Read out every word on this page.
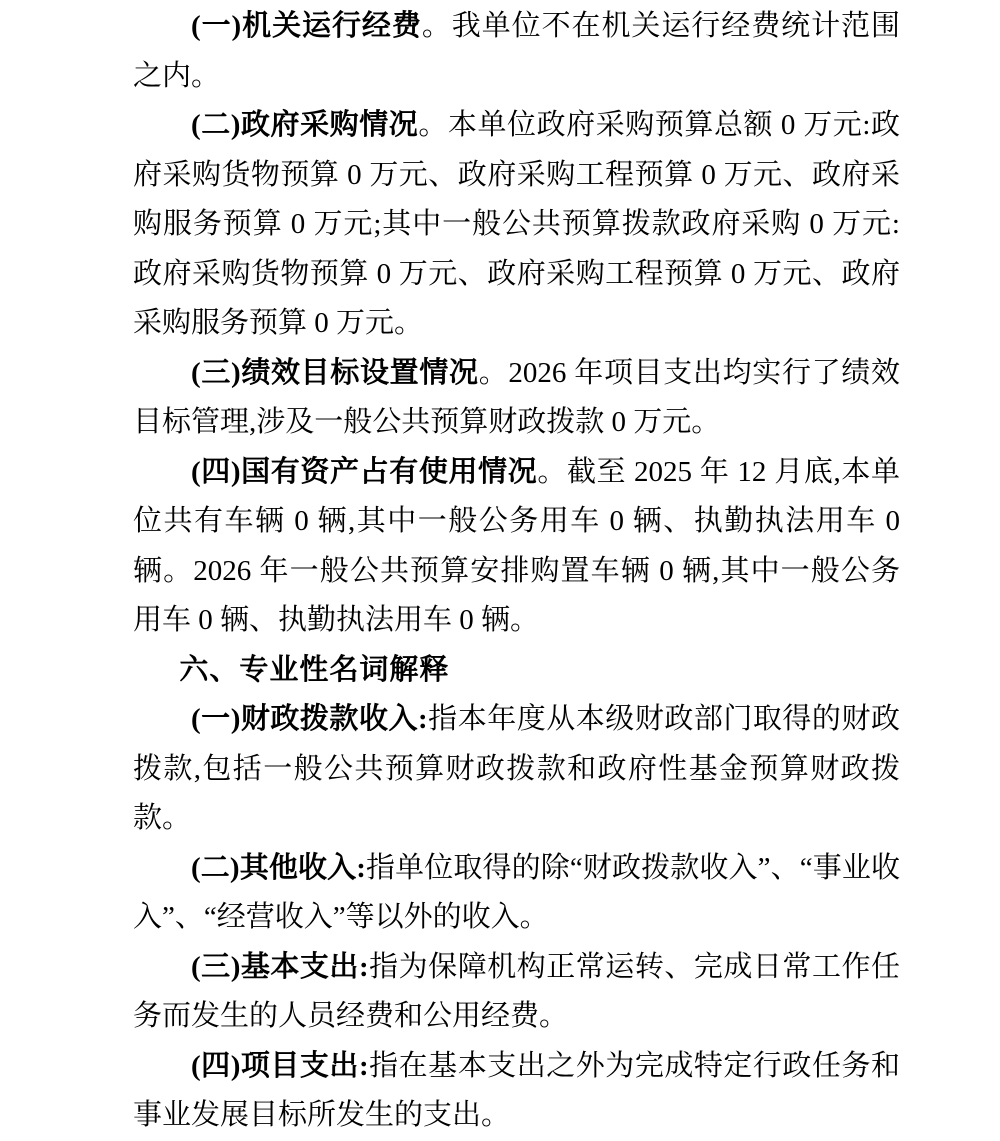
(一)机关运行经费。我单位不在机关运行经费统计范围之内。

(二)政府采购情况。本单位政府采购预算总额 0 万元:政府采购货物预算 0 万元、政府采购工程预算 0 万元、政府采购服务预算 0 万元;其中一般公共预算拨款政府采购 0 万元:政府采购货物预算 0 万元、政府采购工程预算 0 万元、政府采购服务预算 0 万元。

(三)绩效目标设置情况。2026 年项目支出均实行了绩效目标管理,涉及一般公共预算财政拨款 0 万元。

(四)国有资产占有使用情况。截至 2025 年 12 月底,本单位共有车辆 0 辆,其中一般公务用车 0 辆、执勤执法用车 0 辆。2026 年一般公共预算安排购置车辆 0 辆,其中一般公务用车 0 辆、执勤执法用车 0 辆。

六、专业性名词解释

(一)财政拨款收入:指本年度从本级财政部门取得的财政拨款,包括一般公共预算财政拨款和政府性基金预算财政拨款。

(二)其他收入:指单位取得的除“财政拨款收入”、“事业收入”、“经营收入”等以外的收入。

(三)基本支出:指为保障机构正常运转、完成日常工作任务而发生的人员经费和公用经费。

(四)项目支出:指在基本支出之外为完成特定行政任务和事业发展目标所发生的支出。
